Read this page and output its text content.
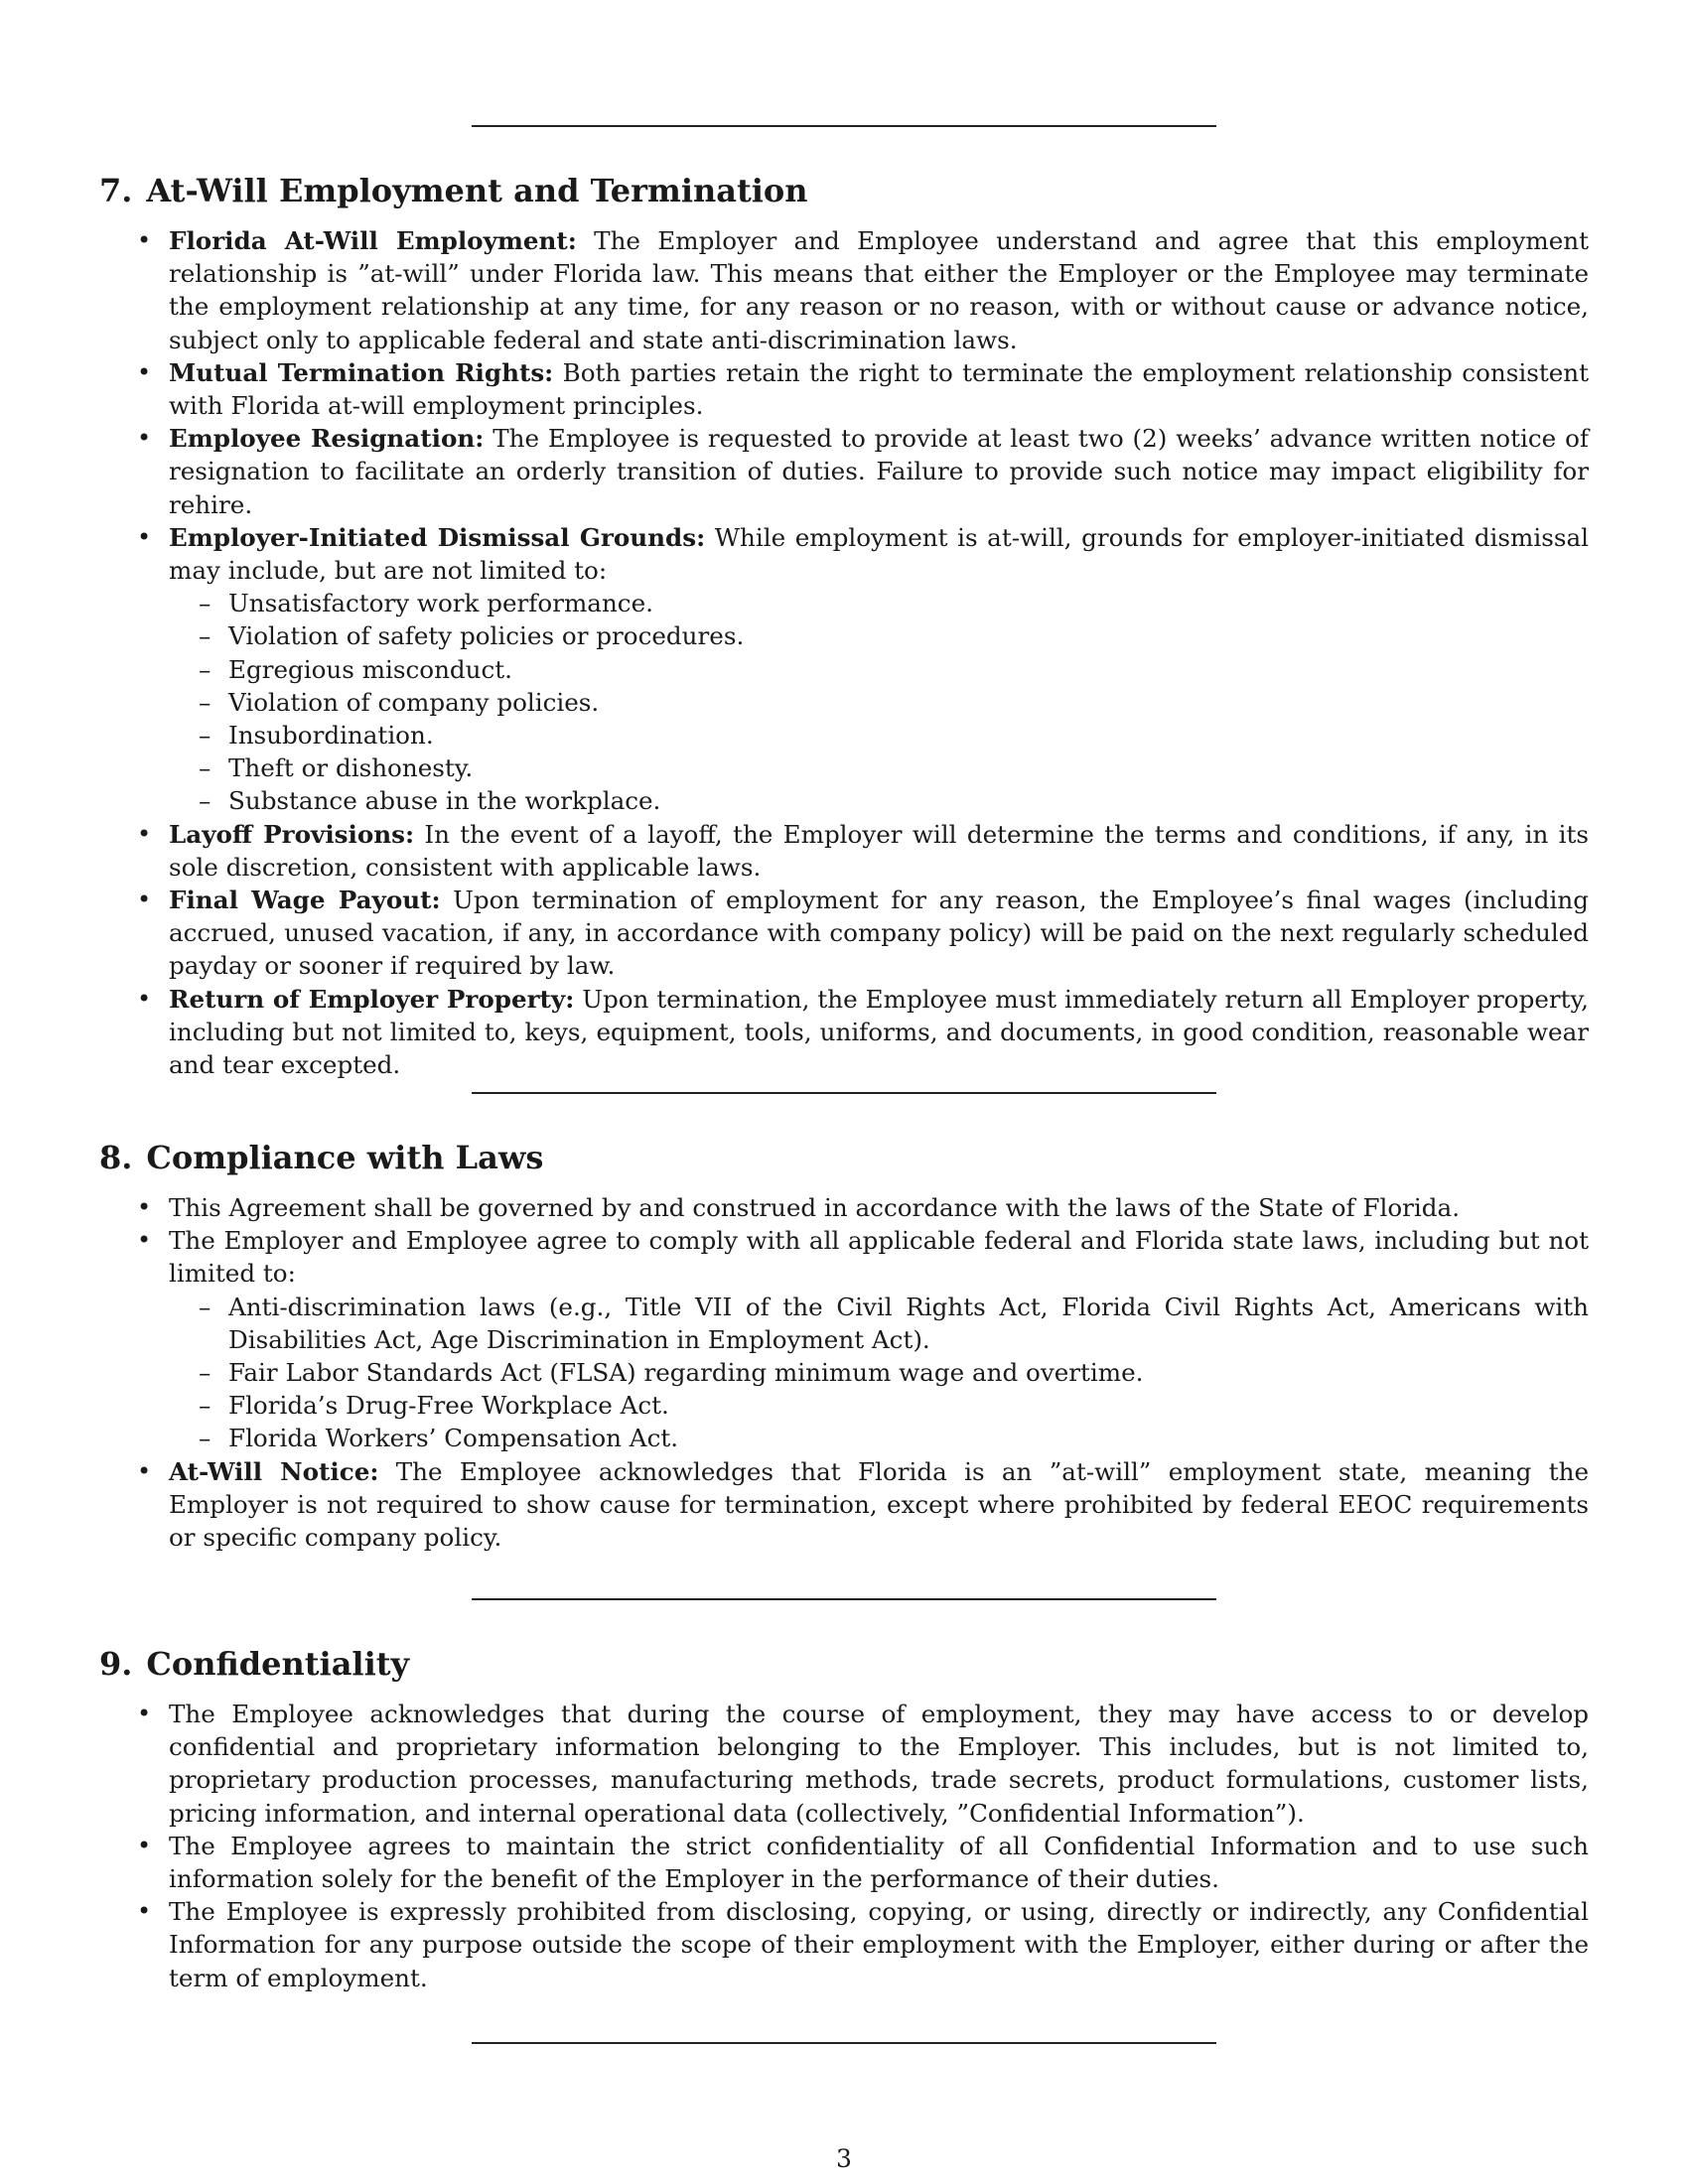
7. At-Will Employment and Termination
• Florida At-Will Employment: The Employer and Employee understand and agree that this employment relationship is ”at-will” under Florida law. This means that either the Employer or the Employee may terminate the employment relationship at any time, for any reason or no reason, with or without cause or advance notice, subject only to applicable federal and state anti-discrimination laws.
• Mutual Termination Rights: Both parties retain the right to terminate the employment relationship consistent with Florida at-will employment principles.
• Employee Resignation: The Employee is requested to provide at least two (2) weeks’ advance written notice of resignation to facilitate an orderly transition of duties. Failure to provide such notice may impact eligibility for rehire.
• Employer-Initiated Dismissal Grounds: While employment is at-will, grounds for employer-initiated dismissal may include, but are not limited to:
– Unsatisfactory work performance.
– Violation of safety policies or procedures.
– Egregious misconduct.
– Violation of company policies.
– Insubordination.
– Theft or dishonesty.
– Substance abuse in the workplace.
• Layoff Provisions: In the event of a layoff, the Employer will determine the terms and conditions, if any, in its sole discretion, consistent with applicable laws.
• Final Wage Payout: Upon termination of employment for any reason, the Employee’s final wages (including accrued, unused vacation, if any, in accordance with company policy) will be paid on the next regularly scheduled payday or sooner if required by law.
• Return of Employer Property: Upon termination, the Employee must immediately return all Employer property, including but not limited to, keys, equipment, tools, uniforms, and documents, in good condition, reasonable wear and tear excepted.
8. Compliance with Laws
• This Agreement shall be governed by and construed in accordance with the laws of the State of Florida.
• The Employer and Employee agree to comply with all applicable federal and Florida state laws, including but not limited to:
– Anti-discrimination laws (e.g., Title VII of the Civil Rights Act, Florida Civil Rights Act, Americans with Disabilities Act, Age Discrimination in Employment Act).
– Fair Labor Standards Act (FLSA) regarding minimum wage and overtime.
– Florida’s Drug-Free Workplace Act.
– Florida Workers’ Compensation Act.
• At-Will Notice: The Employee acknowledges that Florida is an ”at-will” employment state, meaning the Employer is not required to show cause for termination, except where prohibited by federal EEOC requirements or specific company policy.
9. Confidentiality
• The Employee acknowledges that during the course of employment, they may have access to or develop confidential and proprietary information belonging to the Employer. This includes, but is not limited to, proprietary production processes, manufacturing methods, trade secrets, product formulations, customer lists, pricing information, and internal operational data (collectively, ”Confidential Information”).
• The Employee agrees to maintain the strict confidentiality of all Confidential Information and to use such information solely for the benefit of the Employer in the performance of their duties.
• The Employee is expressly prohibited from disclosing, copying, or using, directly or indirectly, any Confidential Information for any purpose outside the scope of their employment with the Employer, either during or after the term of employment.
3
